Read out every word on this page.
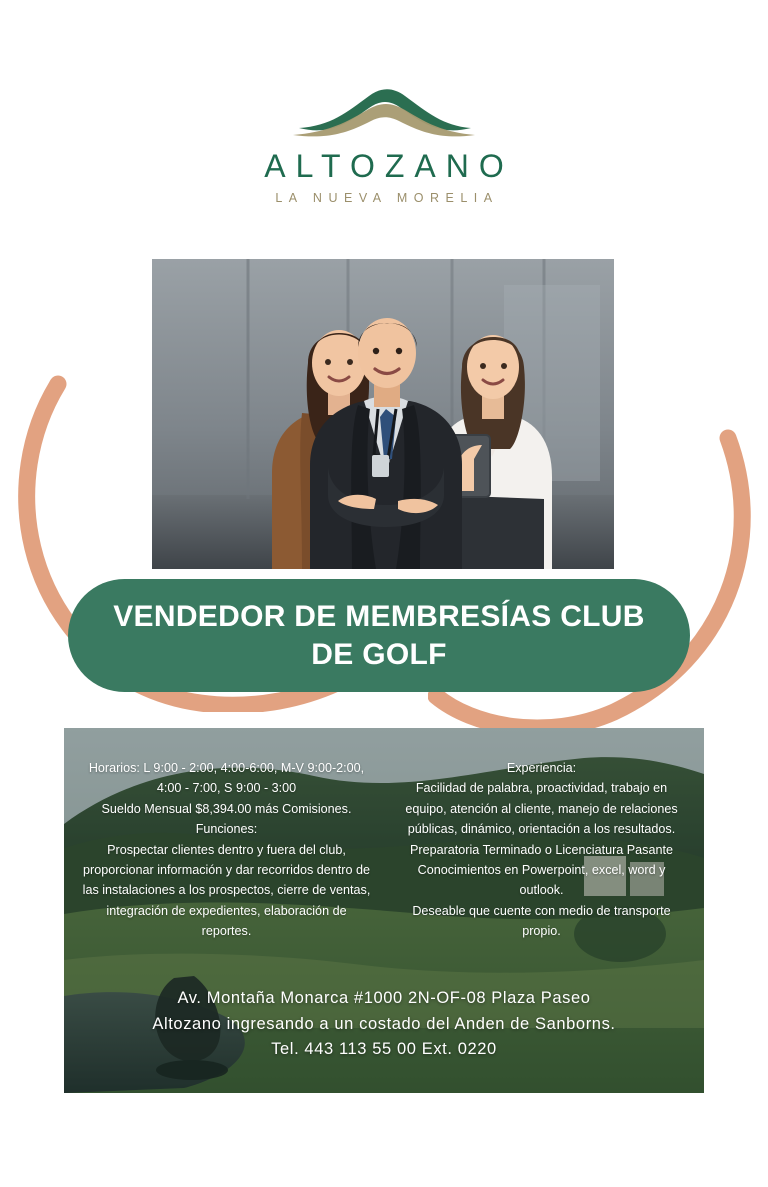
ALTOZANO
LA NUEVA MORELIA
VENDEDOR DE MEMBRESÍAS CLUB DE GOLF

Horarios: L 9:00 - 2:00, 4:00-6:00, M-V 9:00-2:00, 4:00 - 7:00, S 9:00 - 3:00

Sueldo Mensual $8,394.00 más Comisiones.

Funciones:

Prospectar clientes dentro y fuera del club, proporcionar información y dar recorridos dentro de las instalaciones a los prospectos, cierre de ventas, integración de expedientes, elaboración de reportes.

Experiencia:

Facilidad de palabra, proactividad, trabajo en equipo, atención al cliente, manejo de relaciones públicas, dinámico, orientación a los resultados.

Preparatoria Terminado o Licenciatura Pasante

Conocimientos en Powerpoint, excel, word y outlook.

Deseable que cuente con medio de transporte propio.

Av. Montaña Monarca #1000 2N-OF-08 Plaza Paseo
Altozano ingresando a un costado del Anden de Sanborns.
Tel. 443 113 55 00 Ext. 0220
